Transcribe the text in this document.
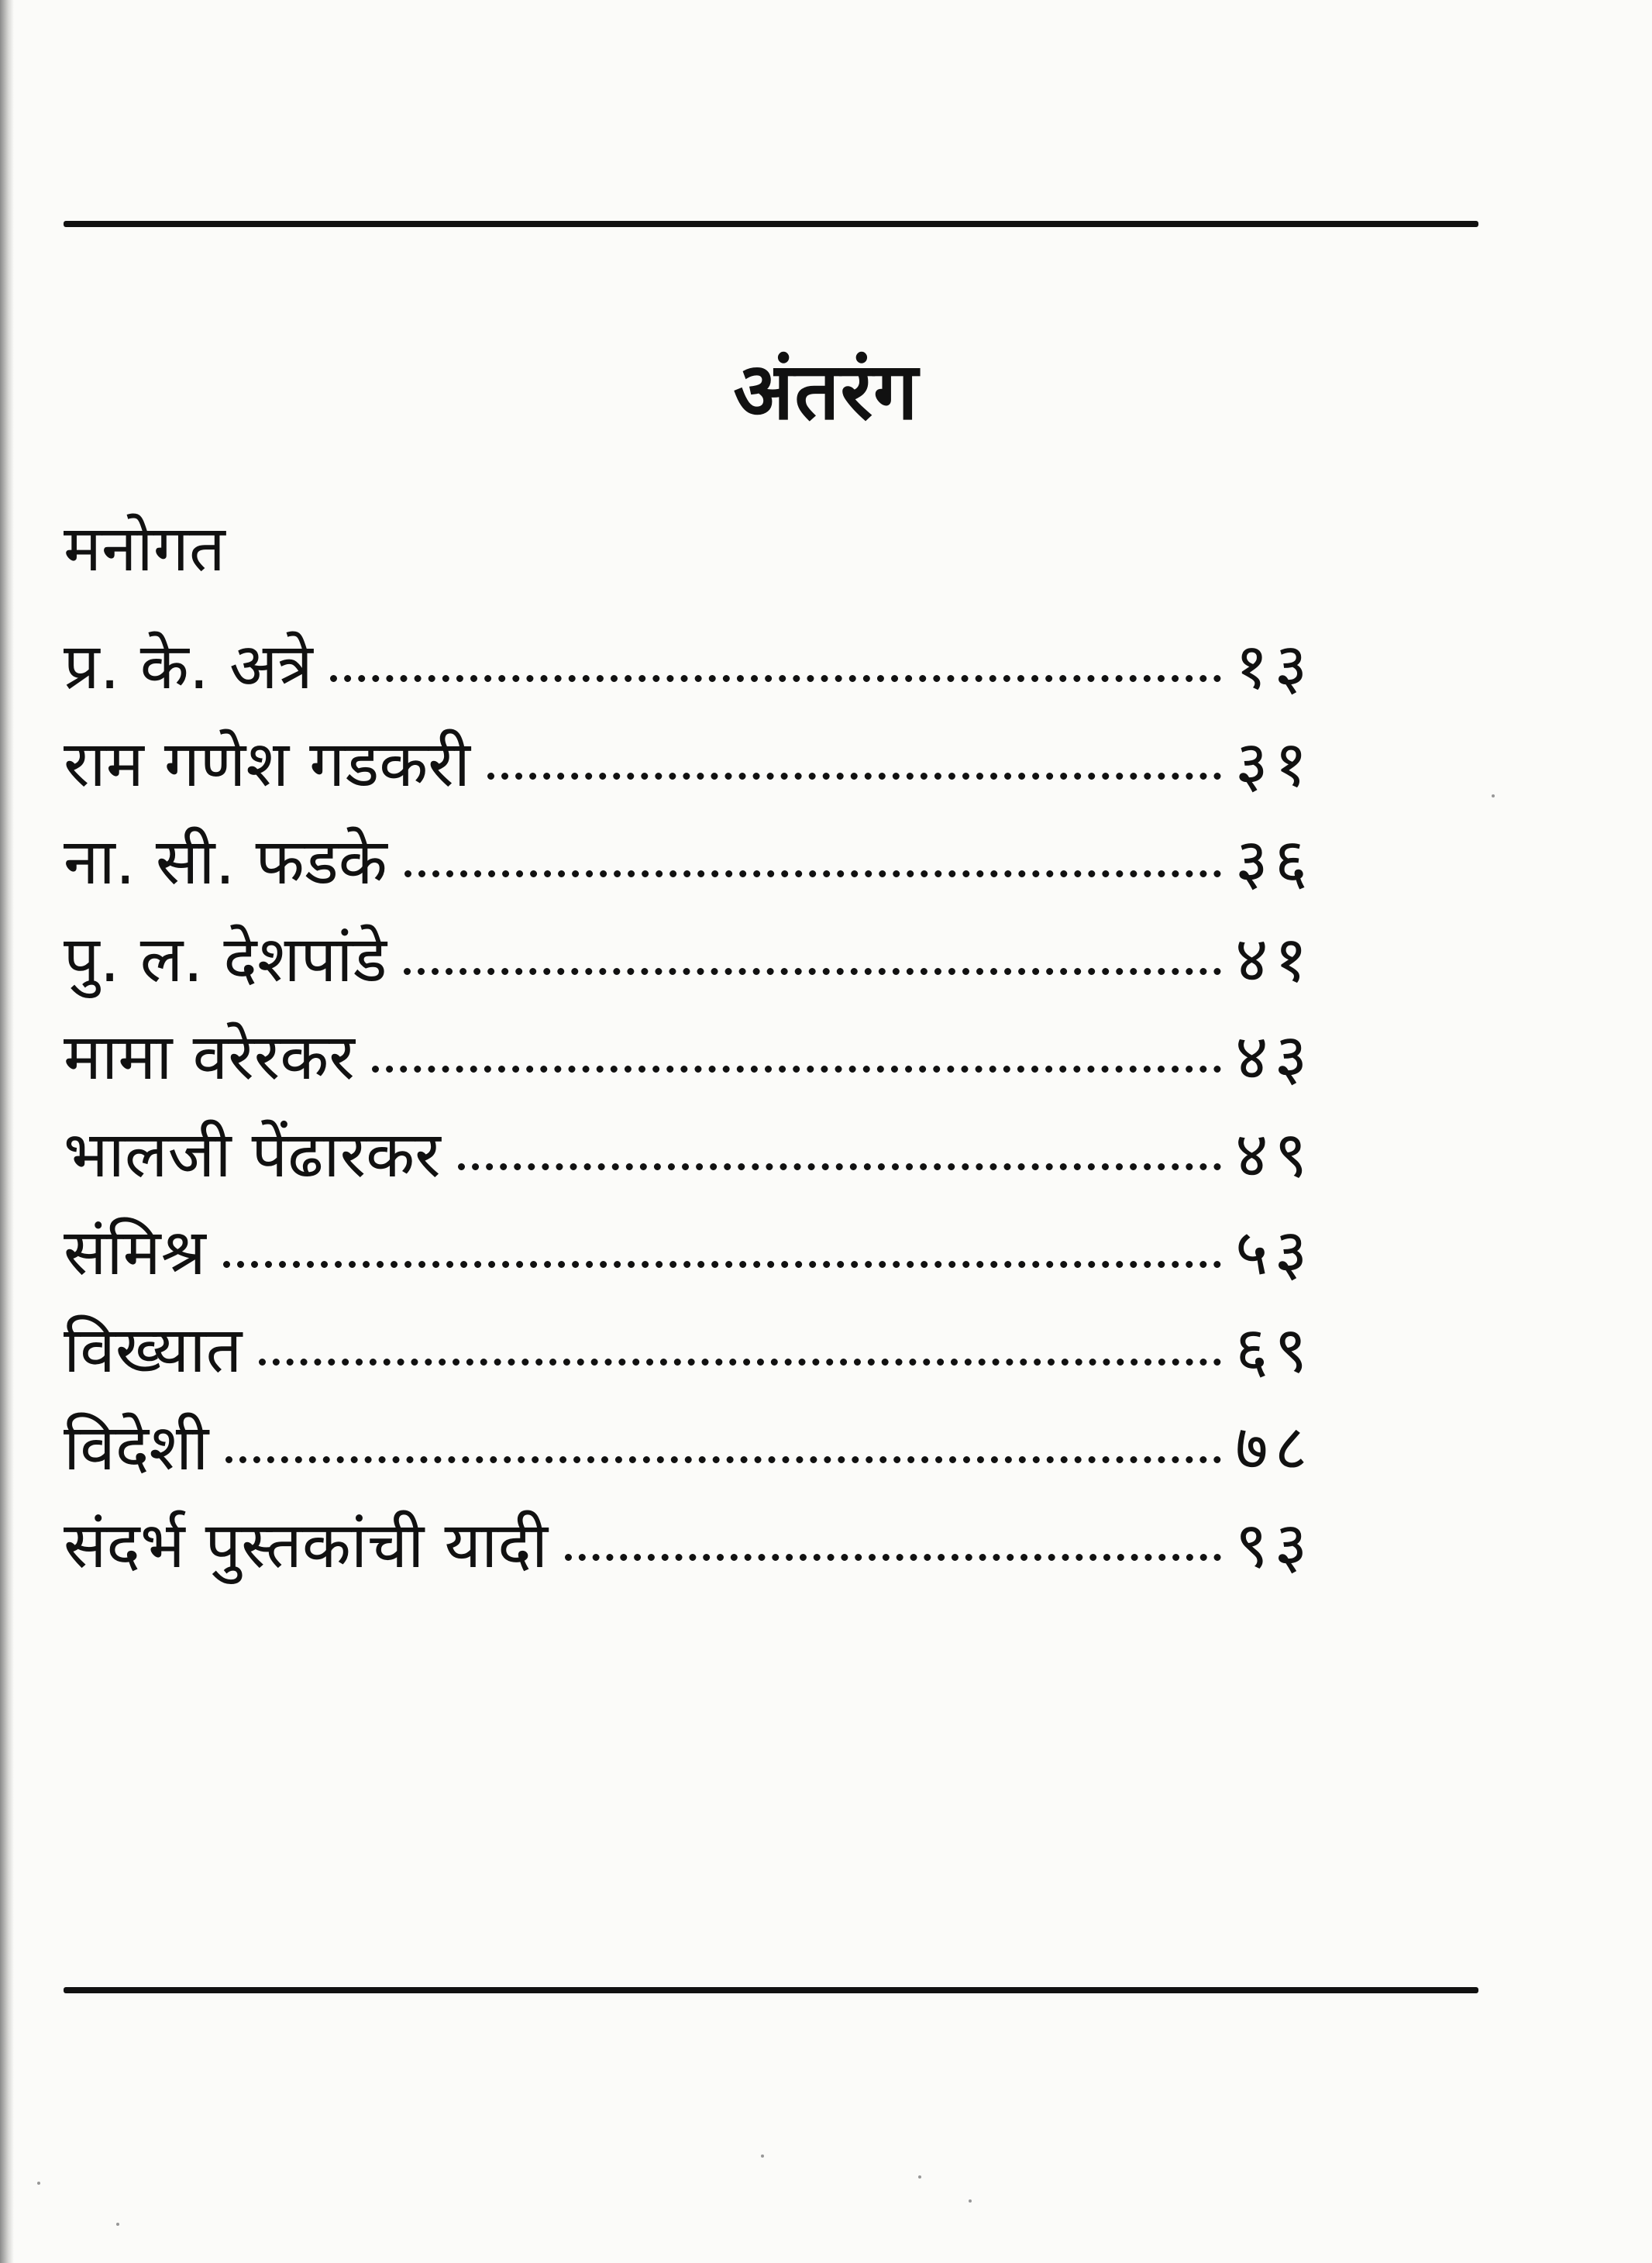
अंतरंग
मनोगत
प्र. के. अत्रे	१३
राम गणेश गडकरी	३१
ना. सी. फडके	३६
पु. ल. देशपांडे	४१
मामा वरेरकर	४३
भालजी पेंढारकर	४९
संमिश्र	५३
विख्यात	६९
विदेशी	७८
संदर्भ पुस्तकांची यादी	९३
